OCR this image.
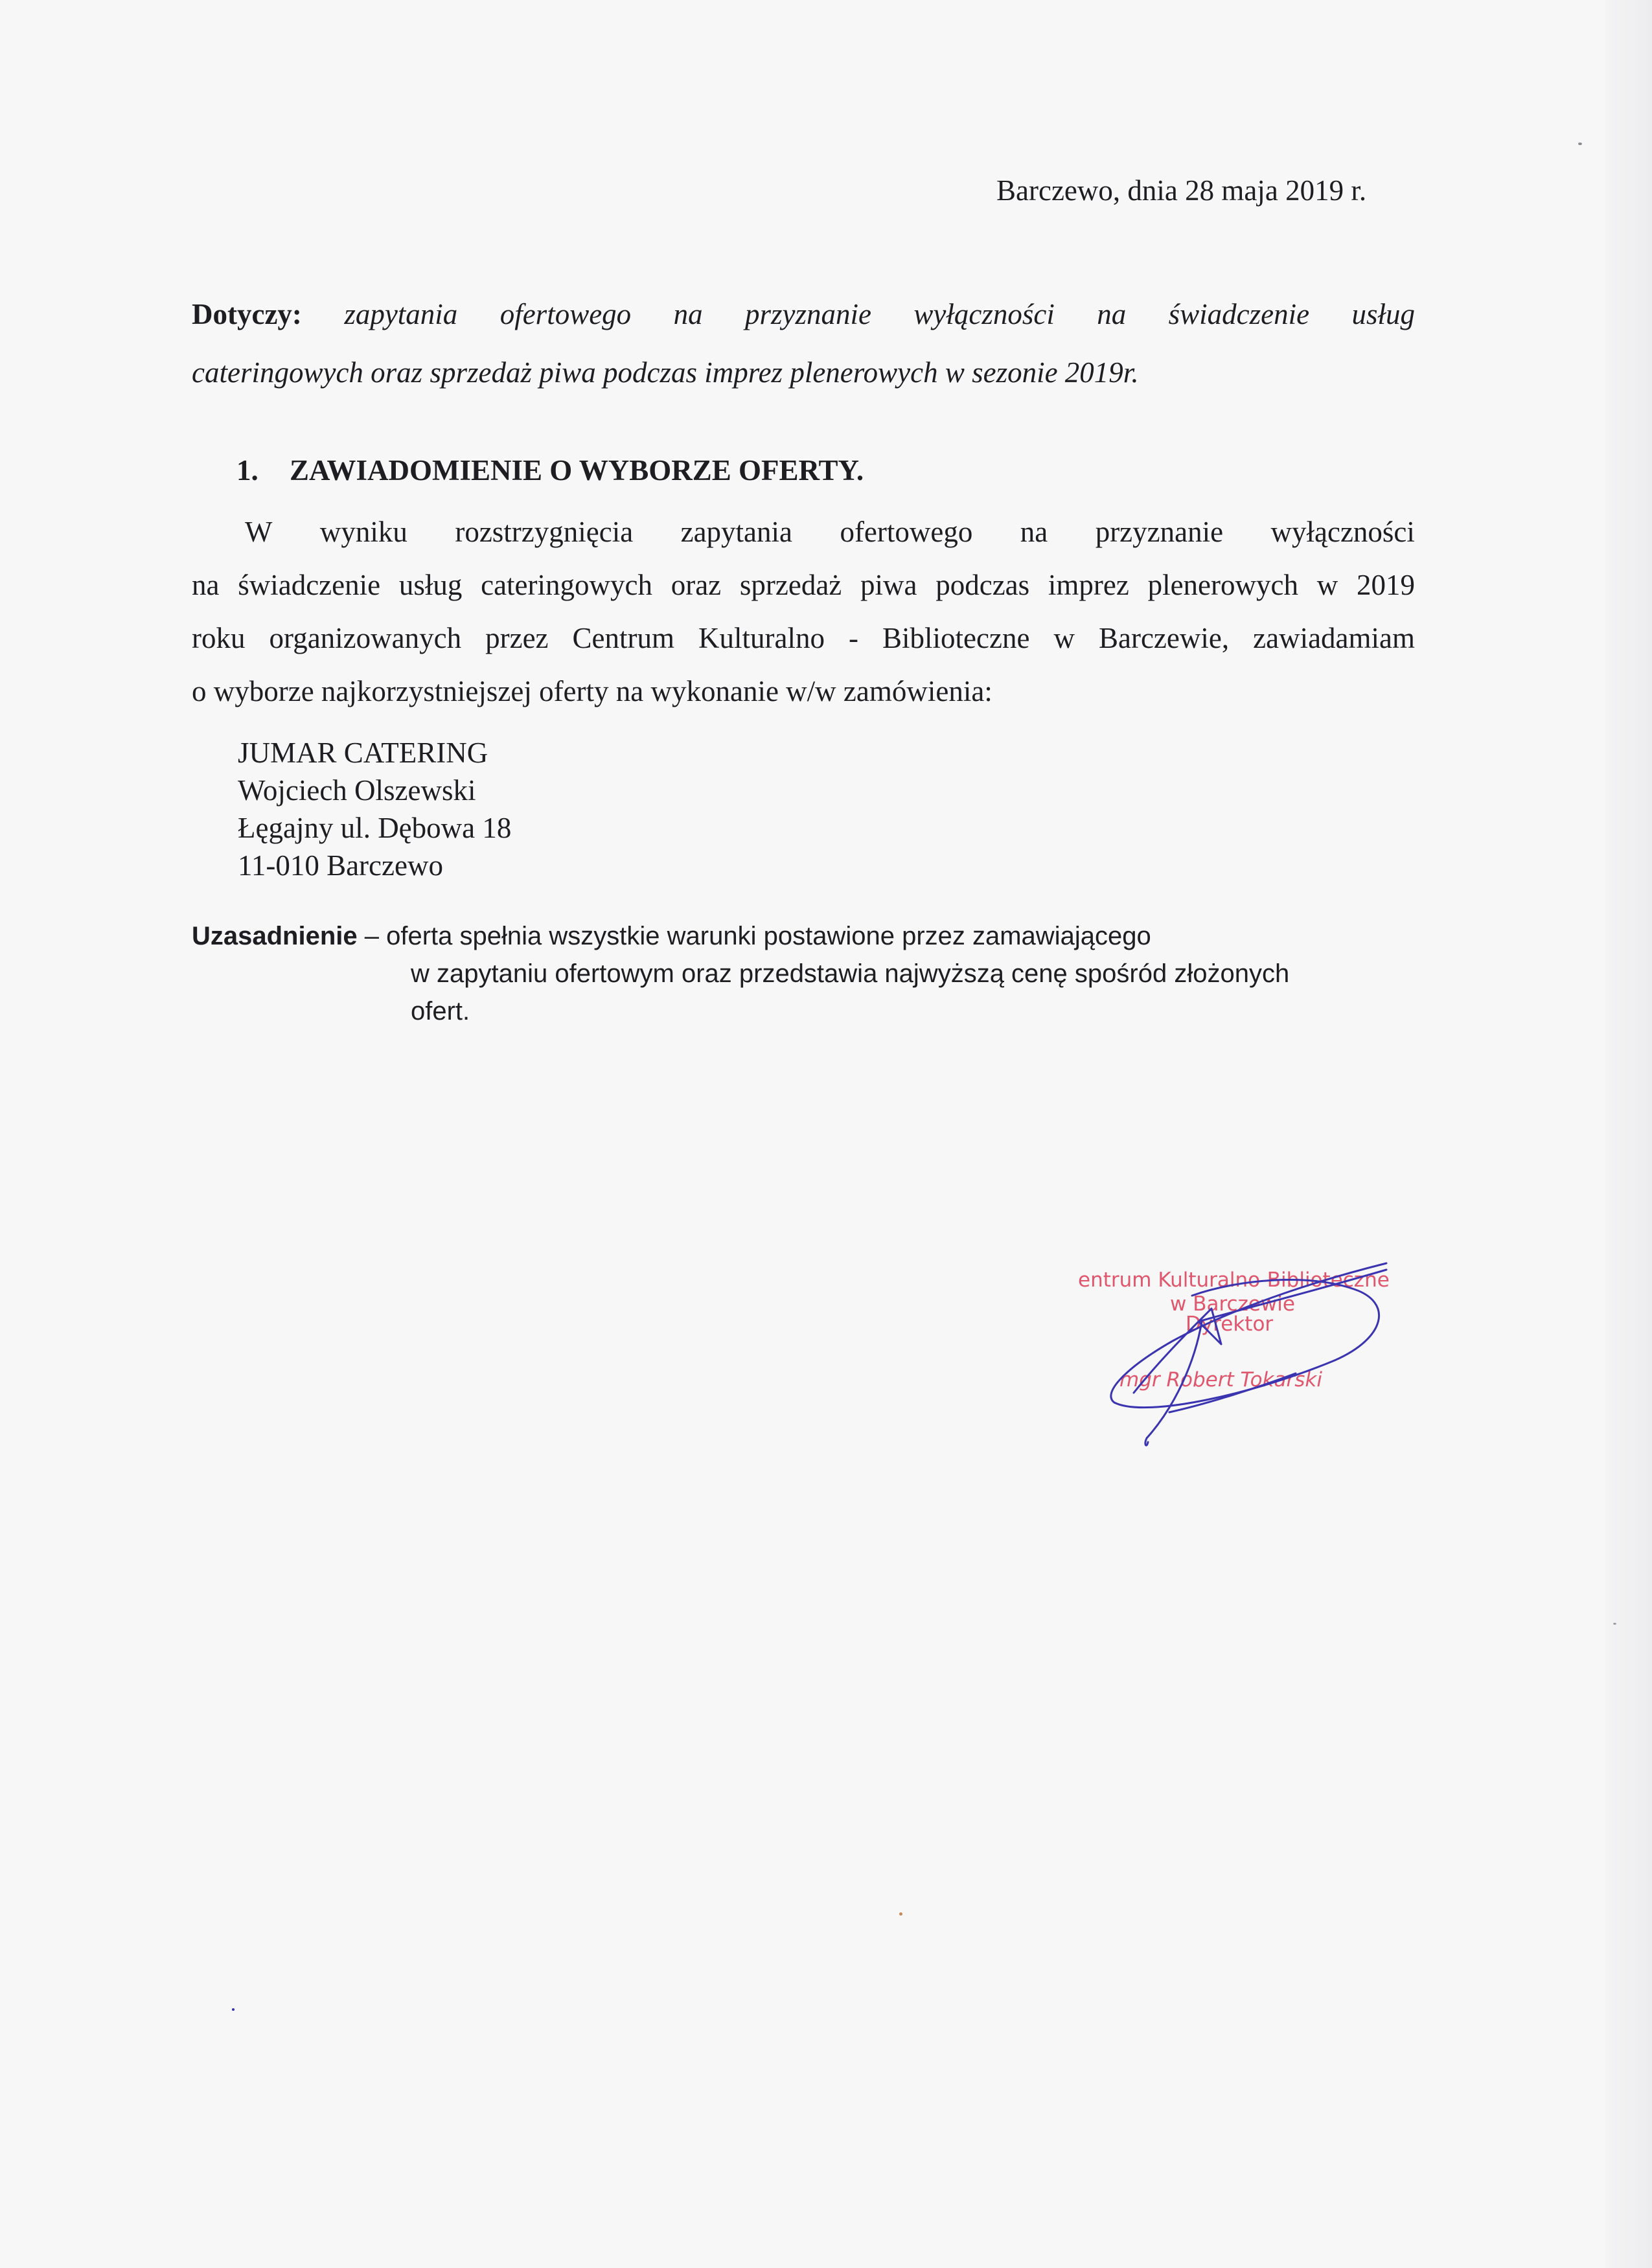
Barczewo, dnia 28 maja 2019 r.
Dotyczy: zapytania ofertowego na przyznanie wyłączności na świadczenie usług
cateringowych oraz sprzedaż piwa podczas imprez plenerowych w sezonie 2019r.
1. ZAWIADOMIENIE O WYBORZE OFERTY.
W wyniku rozstrzygnięcia zapytania ofertowego na przyznanie wyłączności
na świadczenie usług cateringowych oraz sprzedaż piwa podczas imprez plenerowych w 2019
roku organizowanych przez Centrum Kulturalno - Biblioteczne w Barczewie, zawiadamiam
o wyborze najkorzystniejszej oferty na wykonanie w/w zamówienia:
JUMAR CATERING
Wojciech Olszewski
Łęgajny ul. Dębowa 18
11-010 Barczewo
Uzasadnienie – oferta spełnia wszystkie warunki postawione przez zamawiającego
w zapytaniu ofertowym oraz przedstawia najwyższą cenę spośród złożonych
ofert.
entrum Kulturalno-Biblioteczne
w Barczewie
Dyrektor
mgr Robert Tokarski
